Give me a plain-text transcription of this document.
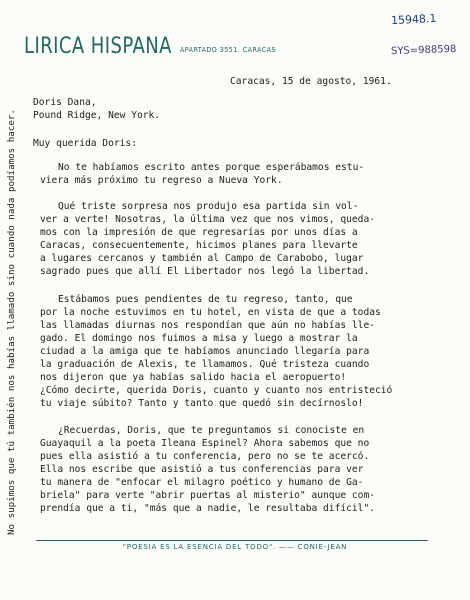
LIRICA HISPANA APARTADO 3551. CARACAS
15948.1
SYS=988598
No supimos que tú también nos habías llamado sino cuando nada podíamos hacer.
Caracas, 15 de agosto, 1961.
Doris Dana,
Pound Ridge, New York.
Muy querida Doris:
No te habíamos escrito antes porque esperábamos estu-
viera más próximo tu regreso a Nueva York.
Qué triste sorpresa nos produjo esa partida sin vol-
ver a verte! Nosotras, la última vez que nos vimos, queda-
mos con la impresión de que regresarías por unos días a
Caracas, consecuentemente, hicimos planes para llevarte
a lugares cercanos y también al Campo de Carabobo, lugar
sagrado pues que allí El Libertador nos legó la libertad.
Estábamos pues pendientes de tu regreso, tanto, que
por la noche estuvimos en tu hotel, en vista de que a todas
las llamadas diurnas nos respondían que aún no habías lle-
gado. El domingo nos fuimos a misa y luego a mostrar la
ciudad a la amiga que te habíamos anunciado llegaría para
la graduación de Alexis, te llamamos. Qué tristeza cuando
nos dijeron que ya habías salido hacia el aeropuerto!
¿Cómo decirte, querida Doris, cuanto y cuanto nos entristeció
tu viaje súbito? Tanto y tanto que quedó sin decírnoslo!
¿Recuerdas, Doris, que te preguntamos si conociste en
Guayaquil a la poeta Ileana Espinel? Ahora sabemos que no
pues ella asistió a tu conferencia, pero no se te acercó.
Ella nos escribe que asistió a tus conferencias para ver
tu manera de "enfocar el milagro poético y humano de Ga-
briela" para verte "abrir puertas al misterio" aunque com-
prendía que a ti, "más que a nadie, le resultaba difícil".
"POESIA ES LA ESENCIA DEL TODO". —— CONIE-JEAN
